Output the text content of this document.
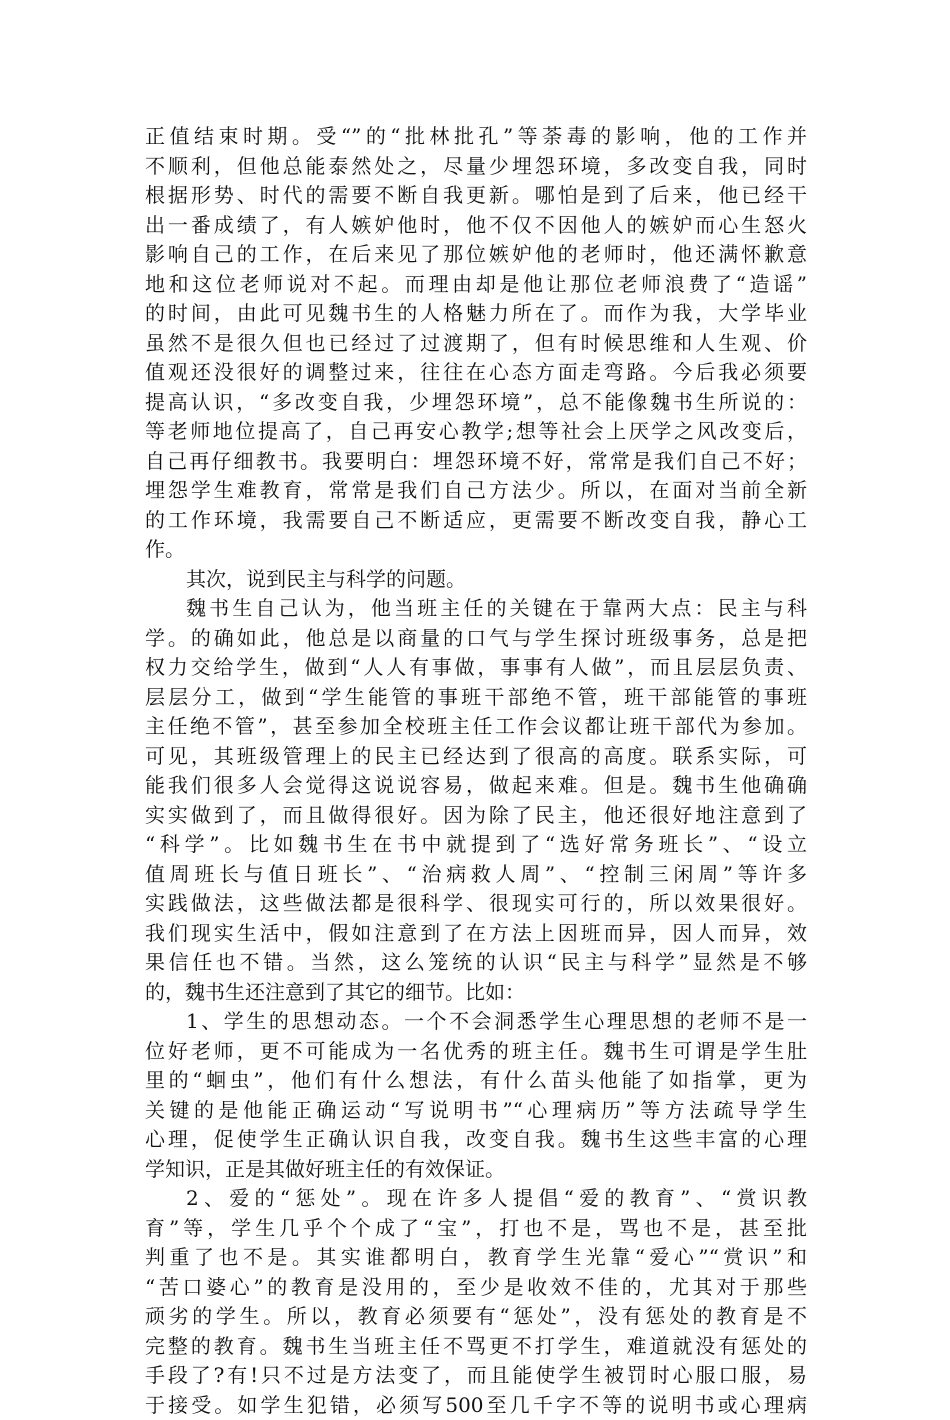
正值结束时期。受“”的“批林批孔”等荼毒的影响，他的工作并
不顺利，但他总能泰然处之，尽量少埋怨环境，多改变自我，同时
根据形势、时代的需要不断自我更新。哪怕是到了后来，他已经干
出一番成绩了，有人嫉妒他时，他不仅不因他人的嫉妒而心生怒火
影响自己的工作，在后来见了那位嫉妒他的老师时，他还满怀歉意
地和这位老师说对不起。而理由却是他让那位老师浪费了“造谣”
的时间，由此可见魏书生的人格魅力所在了。而作为我，大学毕业
虽然不是很久但也已经过了过渡期了，但有时候思维和人生观、价
值观还没很好的调整过来，往往在心态方面走弯路。今后我必须要
提高认识，“多改变自我，少埋怨环境”，总不能像魏书生所说的：
等老师地位提高了，自己再安心教学;想等社会上厌学之风改变后，
自己再仔细教书。我要明白：埋怨环境不好，常常是我们自己不好；
埋怨学生难教育，常常是我们自己方法少。所以，在面对当前全新
的工作环境，我需要自己不断适应，更需要不断改变自我，静心工
作。
其次，说到民主与科学的问题。
魏书生自己认为，他当班主任的关键在于靠两大点：民主与科
学。的确如此，他总是以商量的口气与学生探讨班级事务，总是把
权力交给学生，做到“人人有事做，事事有人做”，而且层层负责、
层层分工，做到“学生能管的事班干部绝不管，班干部能管的事班
主任绝不管”，甚至参加全校班主任工作会议都让班干部代为参加。
可见，其班级管理上的民主已经达到了很高的高度。联系实际，可
能我们很多人会觉得这说说容易，做起来难。但是。魏书生他确确
实实做到了，而且做得很好。因为除了民主，他还很好地注意到了
“科学”。比如魏书生在书中就提到了“选好常务班长”、“设立
值周班长与值日班长”、“治病救人周”、“控制三闲周”等许多
实践做法，这些做法都是很科学、很现实可行的，所以效果很好。
我们现实生活中，假如注意到了在方法上因班而异，因人而异，效
果信任也不错。当然，这么笼统的认识“民主与科学”显然是不够
的，魏书生还注意到了其它的细节。比如：
1、学生的思想动态。一个不会洞悉学生心理思想的老师不是一
位好老师，更不可能成为一名优秀的班主任。魏书生可谓是学生肚
里的“蛔虫”，他们有什么想法，有什么苗头他能了如指掌，更为
关键的是他能正确运动“写说明书”“心理病历”等方法疏导学生
心理，促使学生正确认识自我，改变自我。魏书生这些丰富的心理
学知识，正是其做好班主任的有效保证。
2、爱的“惩处”。现在许多人提倡“爱的教育”、“赏识教
育”等，学生几乎个个成了“宝”，打也不是，骂也不是，甚至批
判重了也不是。其实谁都明白，教育学生光靠“爱心”“赏识”和
“苦口婆心”的教育是没用的，至少是收效不佳的，尤其对于那些
顽劣的学生。所以，教育必须要有“惩处”，没有惩处的教育是不
完整的教育。魏书生当班主任不骂更不打学生，难道就没有惩处的
手段了?有!只不过是方法变了，而且能使学生被罚时心服口服，易
于接受。如学生犯错，必须写500至几千字不等的说明书或心理病
